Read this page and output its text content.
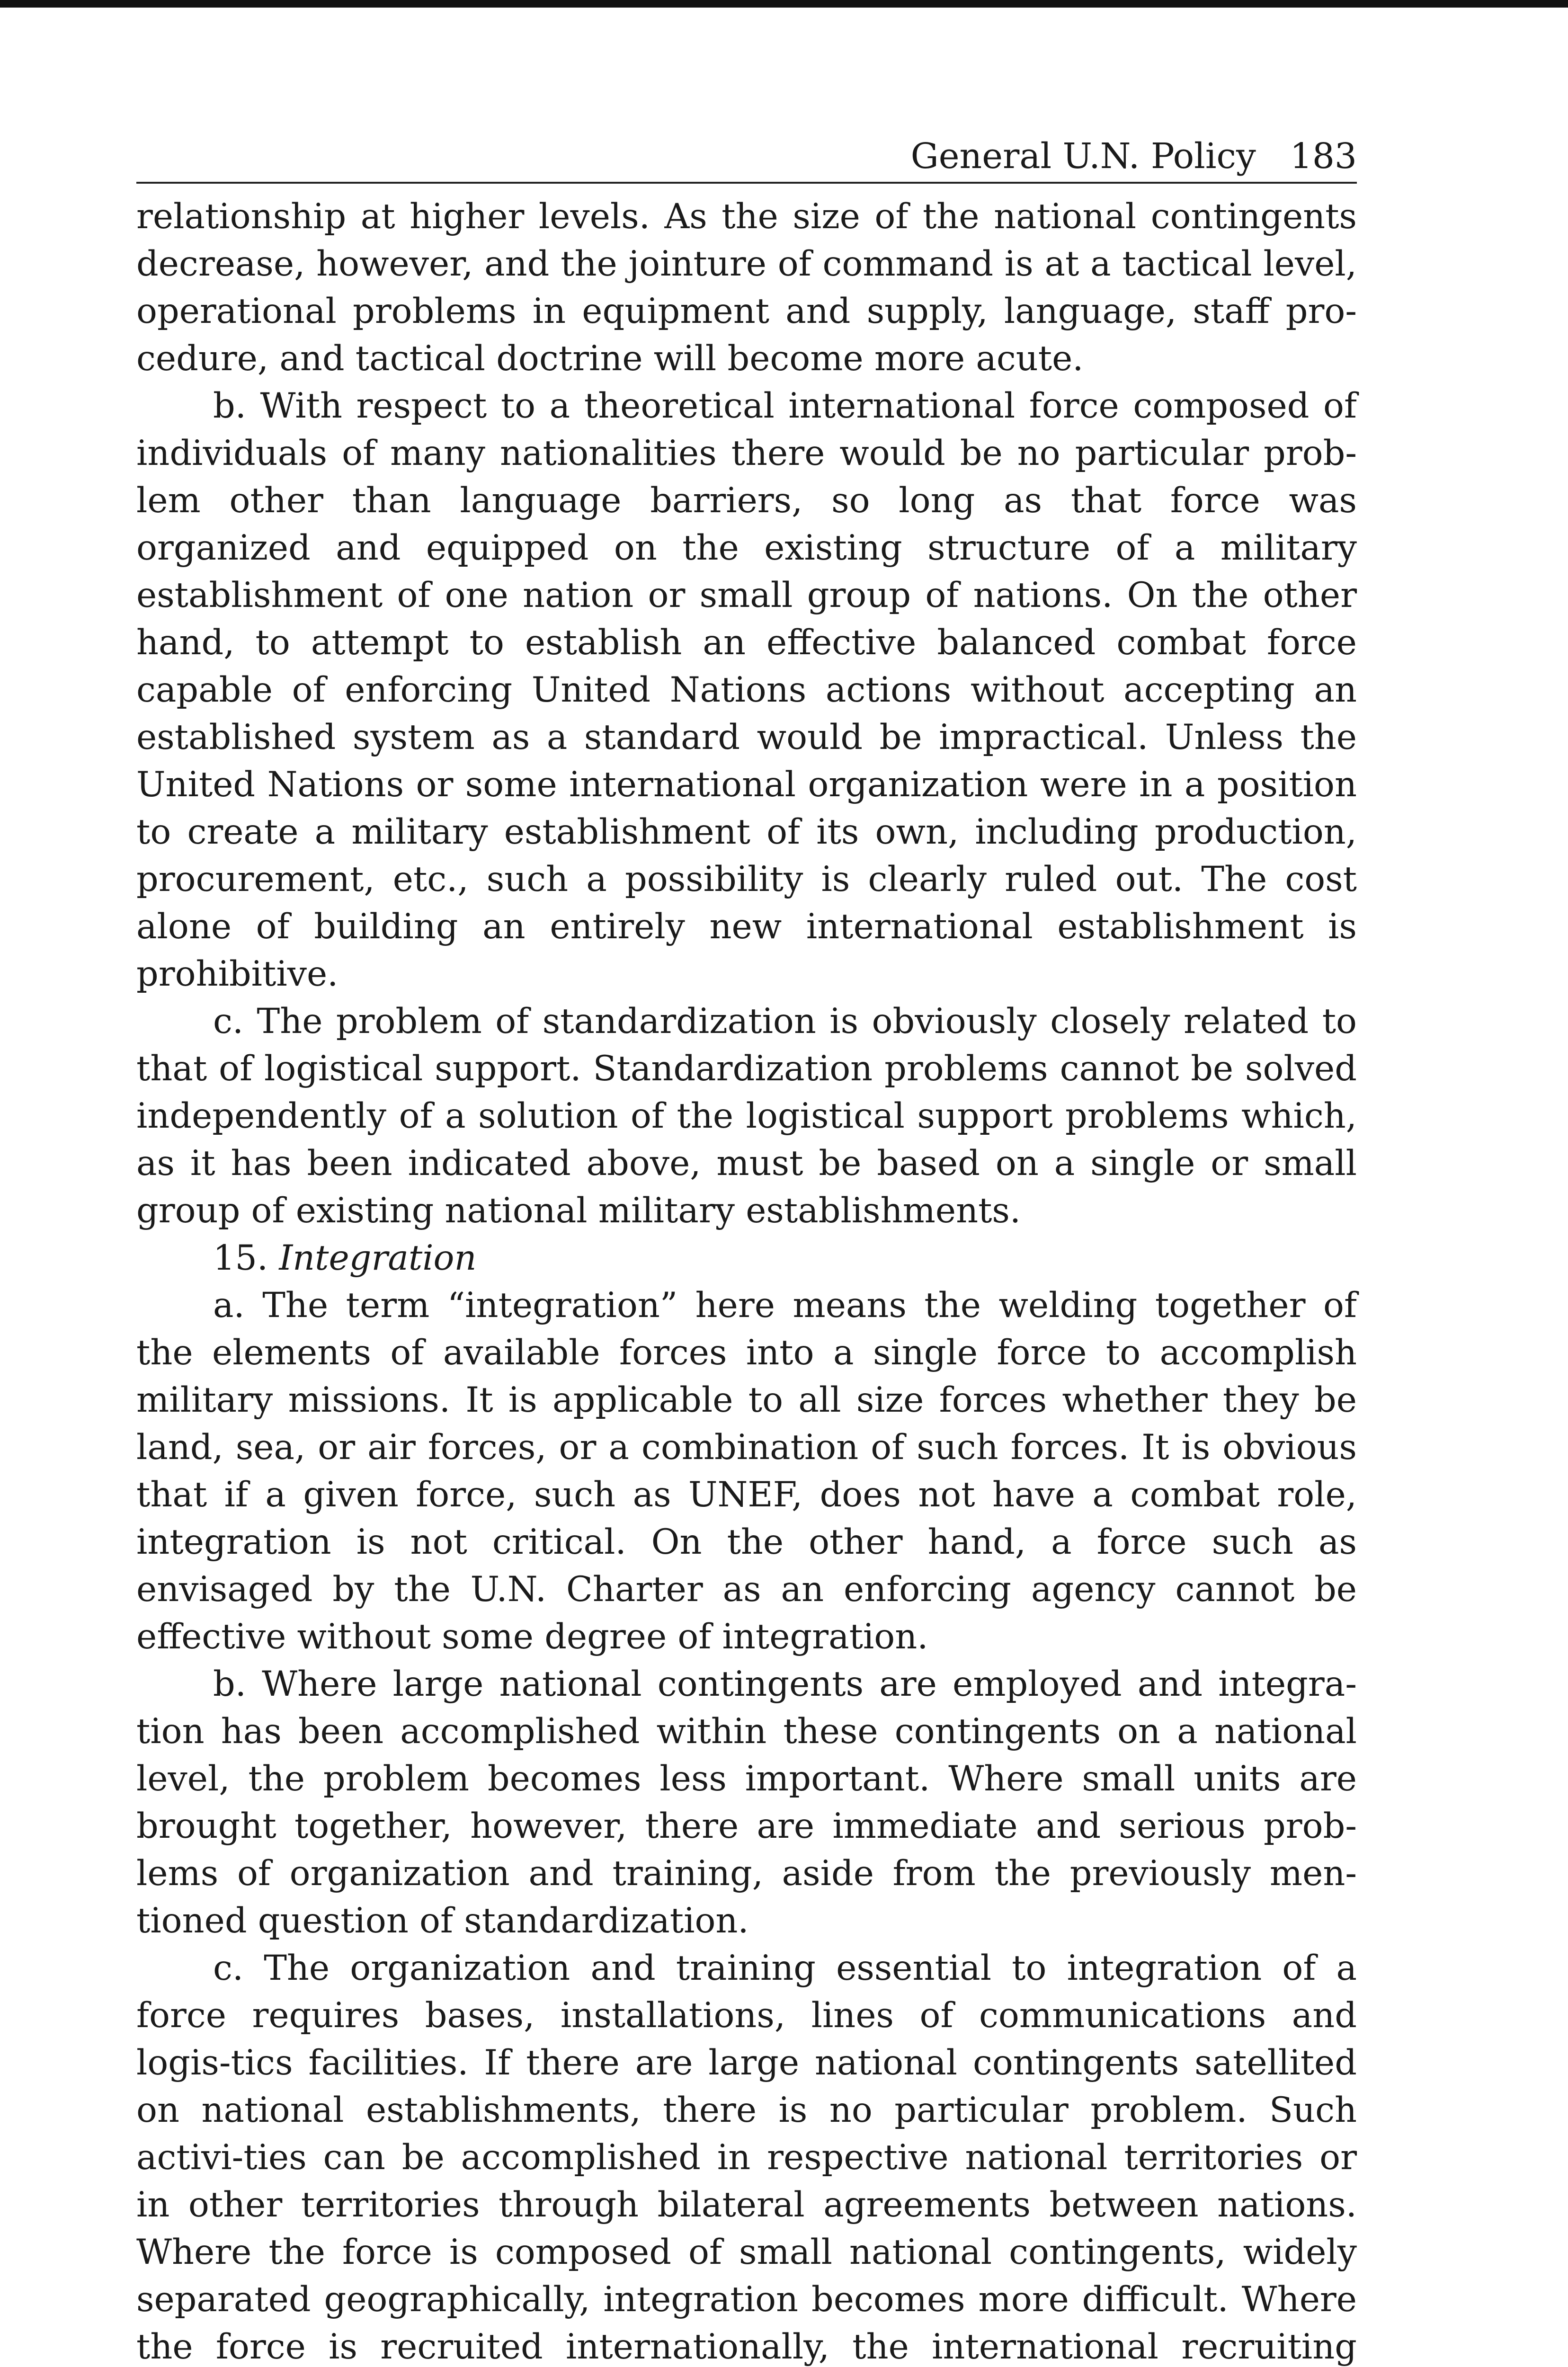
General U.N. Policy 183

relationship at higher levels. As the size of the national contingents decrease, however, and the jointure of command is at a tactical level, operational problems in equipment and supply, language, staff pro-cedure, and tactical doctrine will become more acute.

b. With respect to a theoretical international force composed of individuals of many nationalities there would be no particular prob-lem other than language barriers, so long as that force was organized and equipped on the existing structure of a military establishment of one nation or small group of nations. On the other hand, to attempt to establish an effective balanced combat force capable of enforcing United Nations actions without accepting an established system as a standard would be impractical. Unless the United Nations or some international organization were in a position to create a military establishment of its own, including production, procurement, etc., such a possibility is clearly ruled out. The cost alone of building an entirely new international establishment is prohibitive.

c. The problem of standardization is obviously closely related to that of logistical support. Standardization problems cannot be solved independently of a solution of the logistical support problems which, as it has been indicated above, must be based on a single or small group of existing national military establishments.

15. Integration

a. The term “integration” here means the welding together of the elements of available forces into a single force to accomplish military missions. It is applicable to all size forces whether they be land, sea, or air forces, or a combination of such forces. It is obvious that if a given force, such as UNEF, does not have a combat role, integration is not critical. On the other hand, a force such as envisaged by the U.N. Charter as an enforcing agency cannot be effective without some degree of integration.

b. Where large national contingents are employed and integra-tion has been accomplished within these contingents on a national level, the problem becomes less important. Where small units are brought together, however, there are immediate and serious prob-lems of organization and training, aside from the previously men-tioned question of standardization.

c. The organization and training essential to integration of a force requires bases, installations, lines of communications and logis-tics facilities. If there are large national contingents satellited on national establishments, there is no particular problem. Such activi-ties can be accomplished in respective national territories or in other territories through bilateral agreements between nations. Where the force is composed of small national contingents, widely separated geographically, integration becomes more difficult. Where the force is recruited internationally, the international recruiting
